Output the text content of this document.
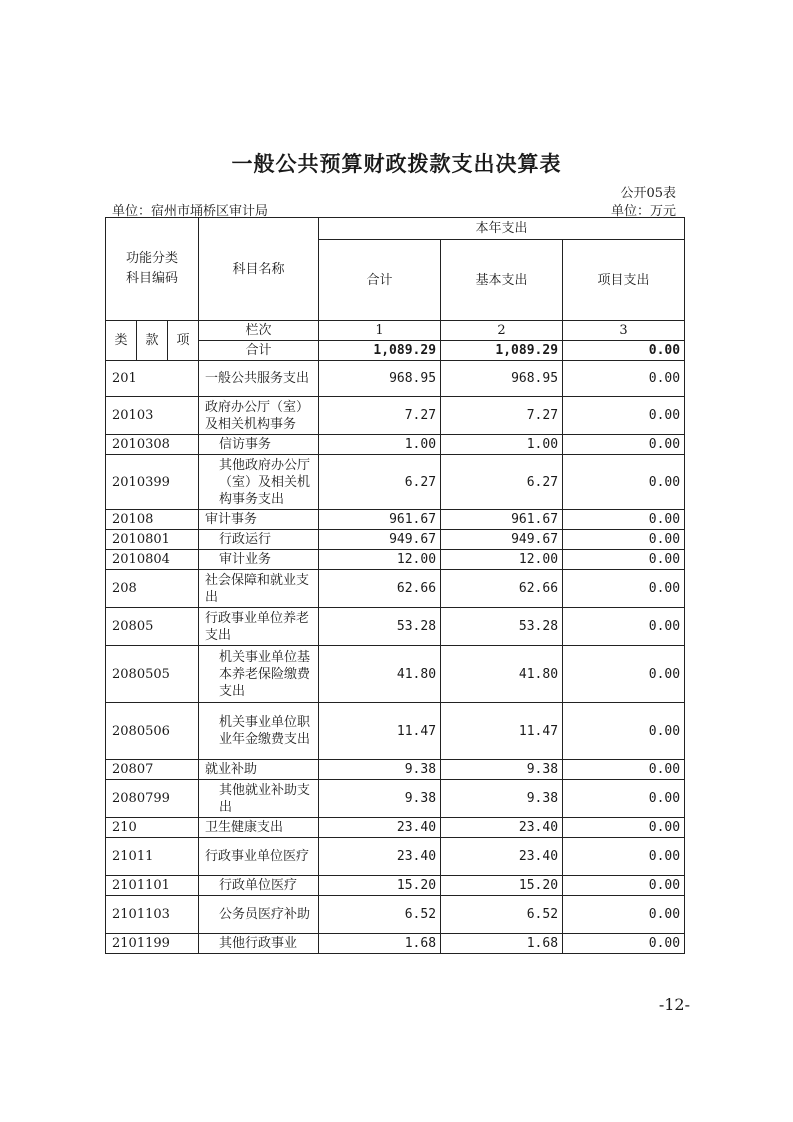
一般公共预算财政拨款支出决算表
公开05表
单位：宿州市埇桥区审计局	单位：万元
功能分类
科目编码			科目名称	本年支出		
				合计	基本支出	项目支出
类	款	项	栏次	1	2	3
			合计	1,089.29	1,089.29	0.00
201			一般公共服务支出	968.95	968.95	0.00
20103			政府办公厅（室）及相关机构事务	7.27	7.27	0.00
2010308			信访事务	1.00	1.00	0.00
2010399			其他政府办公厅（室）及相关机构事务支出	6.27	6.27	0.00
20108			审计事务	961.67	961.67	0.00
2010801			行政运行	949.67	949.67	0.00
2010804			审计业务	12.00	12.00	0.00
208			社会保障和就业支出	62.66	62.66	0.00
20805			行政事业单位养老支出	53.28	53.28	0.00
2080505			机关事业单位基本养老保险缴费支出	41.80	41.80	0.00
2080506			机关事业单位职业年金缴费支出	11.47	11.47	0.00
20807			就业补助	9.38	9.38	0.00
2080799			其他就业补助支出	9.38	9.38	0.00
210			卫生健康支出	23.40	23.40	0.00
21011			行政事业单位医疗	23.40	23.40	0.00
2101101			行政单位医疗	15.20	15.20	0.00
2101103			公务员医疗补助	6.52	6.52	0.00
2101199			其他行政事业	1.68	1.68	0.00
-12-
